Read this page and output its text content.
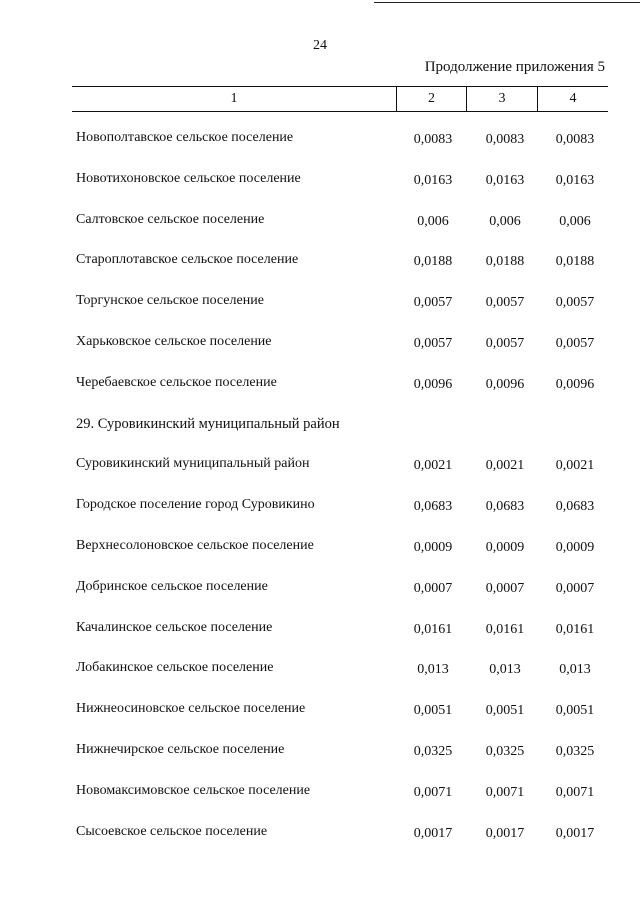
24
Продолжение приложения 5
1	2	3	4
Новополтавское сельское поселение	0,0083	0,0083	0,0083
Новотихоновское сельское поселение	0,0163	0,0163	0,0163
Салтовское сельское поселение	0,006	0,006	0,006
Староплотавское сельское поселение	0,0188	0,0188	0,0188
Торгунское сельское поселение	0,0057	0,0057	0,0057
Харьковское сельское поселение	0,0057	0,0057	0,0057
Черебаевское сельское поселение	0,0096	0,0096	0,0096
29. Суровикинский муниципальный район
Суровикинский муниципальный район	0,0021	0,0021	0,0021
Городское поселение город Суровикино	0,0683	0,0683	0,0683
Верхнесолоновское сельское поселение	0,0009	0,0009	0,0009
Добринское сельское поселение	0,0007	0,0007	0,0007
Качалинское сельское поселение	0,0161	0,0161	0,0161
Лобакинское сельское поселение	0,013	0,013	0,013
Нижнеосиновское сельское поселение	0,0051	0,0051	0,0051
Нижнечирское сельское поселение	0,0325	0,0325	0,0325
Новомаксимовское сельское поселение	0,0071	0,0071	0,0071
Сысоевское сельское поселение	0,0017	0,0017	0,0017
